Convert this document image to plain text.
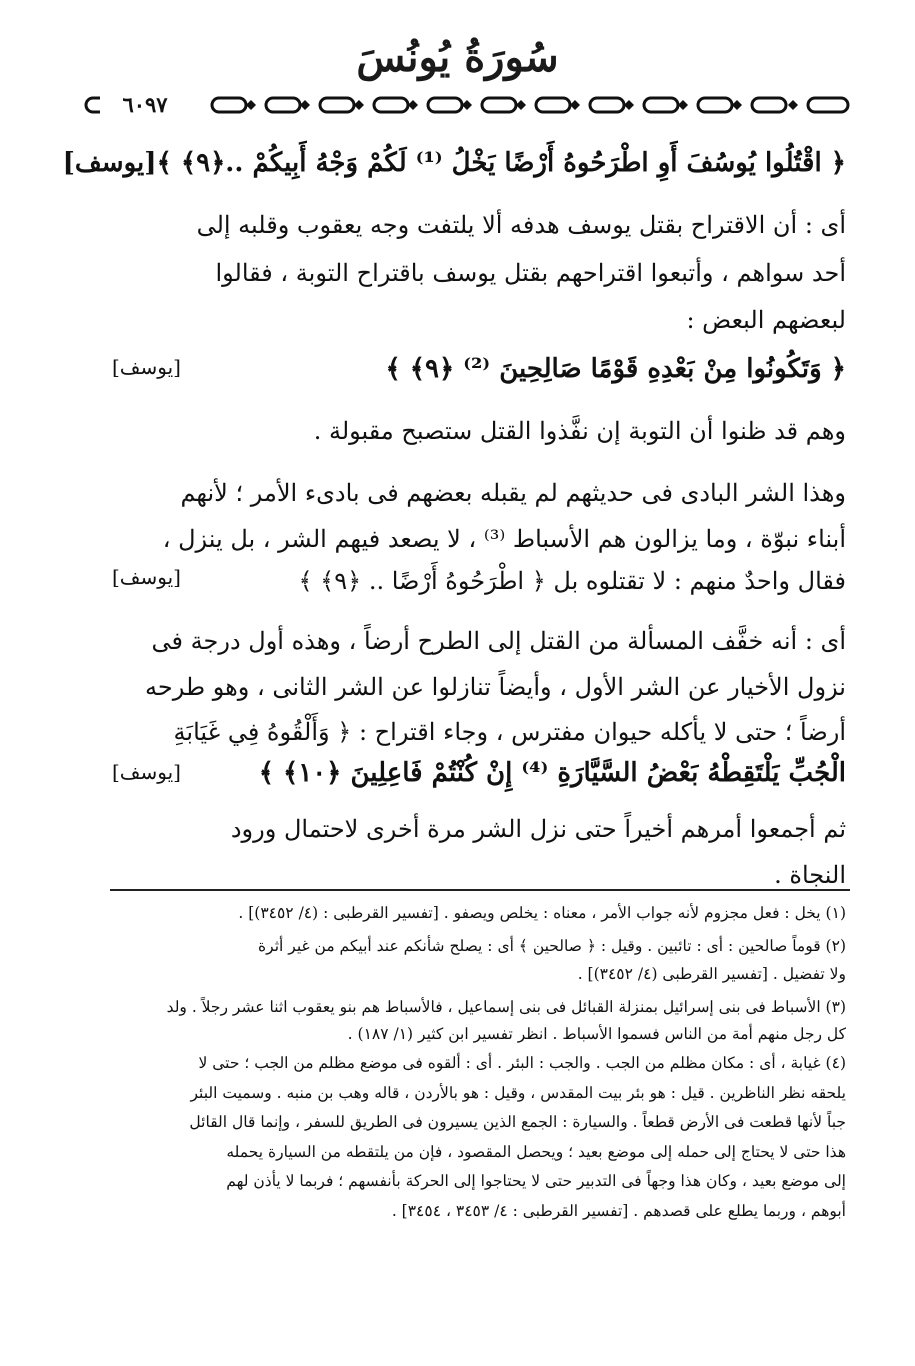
سُورَةُ يُونُسَ
٦٠٩٧
﴿ اقْتُلُوا يُوسُفَ أَوِ اطْرَحُوهُ أَرْضًا يَخْلُ ⁽¹⁾ لَكُمْ وَجْهُ أَبِيكُمْ ..﴿٩﴾ ﴾[يوسف]
أى : أن الاقتراح بقتل يوسف هدفه ألا يلتفت وجه يعقوب وقلبه إلى
أحد سواهم ، وأتبعوا اقتراحهم بقتل يوسف باقتراح التوبة ، فقالوا
لبعضهم البعض :
﴿ وَتَكُونُوا مِنْ بَعْدِهِ قَوْمًا صَالِحِينَ ⁽²⁾ ﴿٩﴾ ﴾
[يوسف]
وهم قد ظنوا أن التوبة إن نفَّذوا القتل ستصبح مقبولة .
وهذا الشر البادى فى حديثهم لم يقبله بعضهم فى بادىء الأمر ؛ لأنهم
أبناء نبوّة ، وما يزالون هم الأسباط ⁽³⁾ ، لا يصعد فيهم الشر ، بل ينزل ،
فقال واحدٌ منهم : لا تقتلوه بل ﴿ اطْرَحُوهُ أَرْضًا .. ﴿٩﴾ ﴾
[يوسف]
أى : أنه خفَّف المسألة من القتل إلى الطرح أرضاً ، وهذه أول درجة فى
نزول الأخيار عن الشر الأول ، وأيضاً تنازلوا عن الشر الثانى ، وهو طرحه
أرضاً ؛ حتى لا يأكله حيوان مفترس ، وجاء اقتراح : ﴿ وَأَلْقُوهُ فِي غَيَابَةِ
الْجُبِّ يَلْتَقِطْهُ بَعْضُ السَّيَّارَةِ ⁽⁴⁾ إِنْ كُنْتُمْ فَاعِلِينَ ﴿١٠﴾ ﴾
[يوسف]
ثم أجمعوا أمرهم أخيراً حتى نزل الشر مرة أخرى لاحتمال ورود
النجاة .
(١) يخل : فعل مجزوم لأنه جواب الأمر ، معناه : يخلص ويصفو . [تفسير القرطبى : (٤/ ٣٤٥٢)] .
(٢) قوماً صالحين : أى : تائبين . وقيل : ﴿ صالحين ﴾ أى : يصلح شأنكم عند أبيكم من غير أثرة
ولا تفضيل . [تفسير القرطبى (٤/ ٣٤٥٢)] .
(٣) الأسباط فى بنى إسرائيل بمنزلة القبائل فى بنى إسماعيل ، فالأسباط هم بنو يعقوب اثنا عشر رجلاً . ولد
كل رجل منهم أمة من الناس فسموا الأسباط . انظر تفسير ابن كثير (١/ ١٨٧) .
(٤) غيابة ، أى : مكان مظلم من الجب . والجب : البئر . أى : ألقوه فى موضع مظلم من الجب ؛ حتى لا
يلحقه نظر الناظرين . قيل : هو بئر بيت المقدس ، وقيل : هو بالأردن ، قاله وهب بن منبه . وسميت البئر
جباً لأنها قطعت فى الأرض قطعاً . والسيارة : الجمع الذين يسيرون فى الطريق للسفر ، وإنما قال القائل
هذا حتى لا يحتاج إلى حمله إلى موضع بعيد ؛ ويحصل المقصود ، فإن من يلتقطه من السيارة يحمله
إلى موضع بعيد ، وكان هذا وجهاً فى التدبير حتى لا يحتاجوا إلى الحركة بأنفسهم ؛ فربما لا يأذن لهم
أبوهم ، وربما يطلع على قصدهم . [تفسير القرطبى : ٤/ ٣٤٥٣ ، ٣٤٥٤] .
